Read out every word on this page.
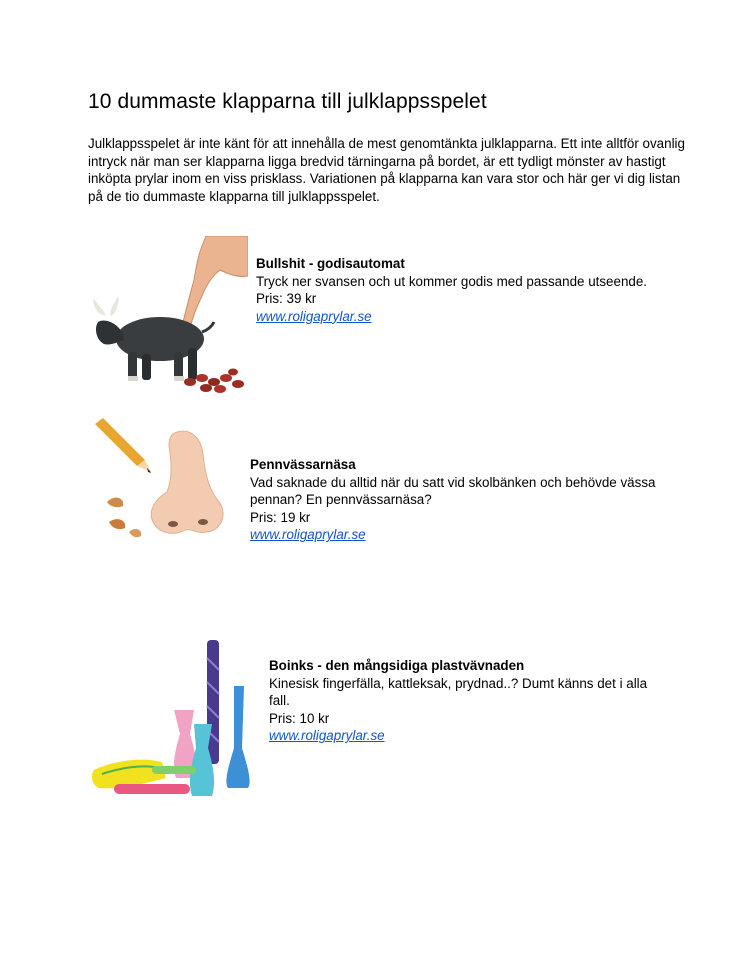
10 dummaste klapparna till julklappsspelet

Julklappsspelet är inte känt för att innehålla de mest genomtänkta julklapparna. Ett inte alltför ovanlig intryck när man ser klapparna ligga bredvid tärningarna på bordet, är ett tydligt mönster av hastigt inköpta prylar inom en viss prisklass. Variationen på klapparna kan vara stor och här ger vi dig listan på de tio dummaste klapparna till julklappsspelet.

Bullshit - godisautomat
Tryck ner svansen och ut kommer godis med passande utseende.
Pris: 39 kr
www.roligaprylar.se
Pennvässarnäsa
Vad saknade du alltid när du satt vid skolbänken och behövde vässa pennan? En pennvässarnäsa?
Pris: 19 kr
www.roligaprylar.se
Boinks - den mångsidiga plastvävnaden
Kinesisk fingerfälla, kattleksak, prydnad..? Dumt känns det i alla fall.
Pris: 10 kr
www.roligaprylar.se
